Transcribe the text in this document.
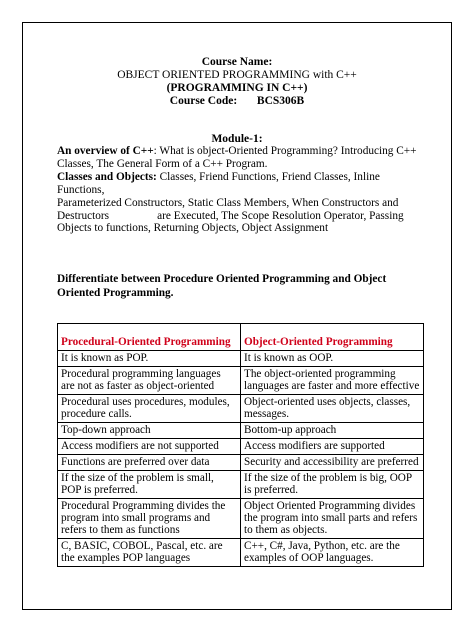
Course Name:
OBJECT ORIENTED PROGRAMMING with C++
(PROGRAMMING IN C++)
Course Code: BCS306B
Module-1:
An overview of C++: What is object-Oriented Programming? Introducing C++ Classes, The General Form of a C++ Program.
Classes and Objects: Classes, Friend Functions, Friend Classes, Inline Functions,
Parameterized Constructors, Static Class Members, When Constructors and
Destructors	are Executed, The Scope Resolution Operator, Passing
Objects to functions, Returning Objects, Object Assignment
Differentiate between Procedure Oriented Programming and Object Oriented Programming.
Procedural-Oriented Programming	Object-Oriented Programming
It is known as POP.	It is known as OOP.
Procedural programming languages are not as faster as object-oriented	The object-oriented programming languages are faster and more effective
Procedural uses procedures, modules, procedure calls.	Object-oriented uses objects, classes, messages.
Top-down approach	Bottom-up approach
Access modifiers are not supported	Access modifiers are supported
Functions are preferred over data	Security and accessibility are preferred
If the size of the problem is small, POP is preferred.	If the size of the problem is big, OOP is preferred.
Procedural Programming divides the program into small programs and refers to them as functions	Object Oriented Programming divides the program into small parts and refers to them as objects.
C, BASIC, COBOL, Pascal, etc. are the examples POP languages	C++, C#, Java, Python, etc. are the examples of OOP languages.
